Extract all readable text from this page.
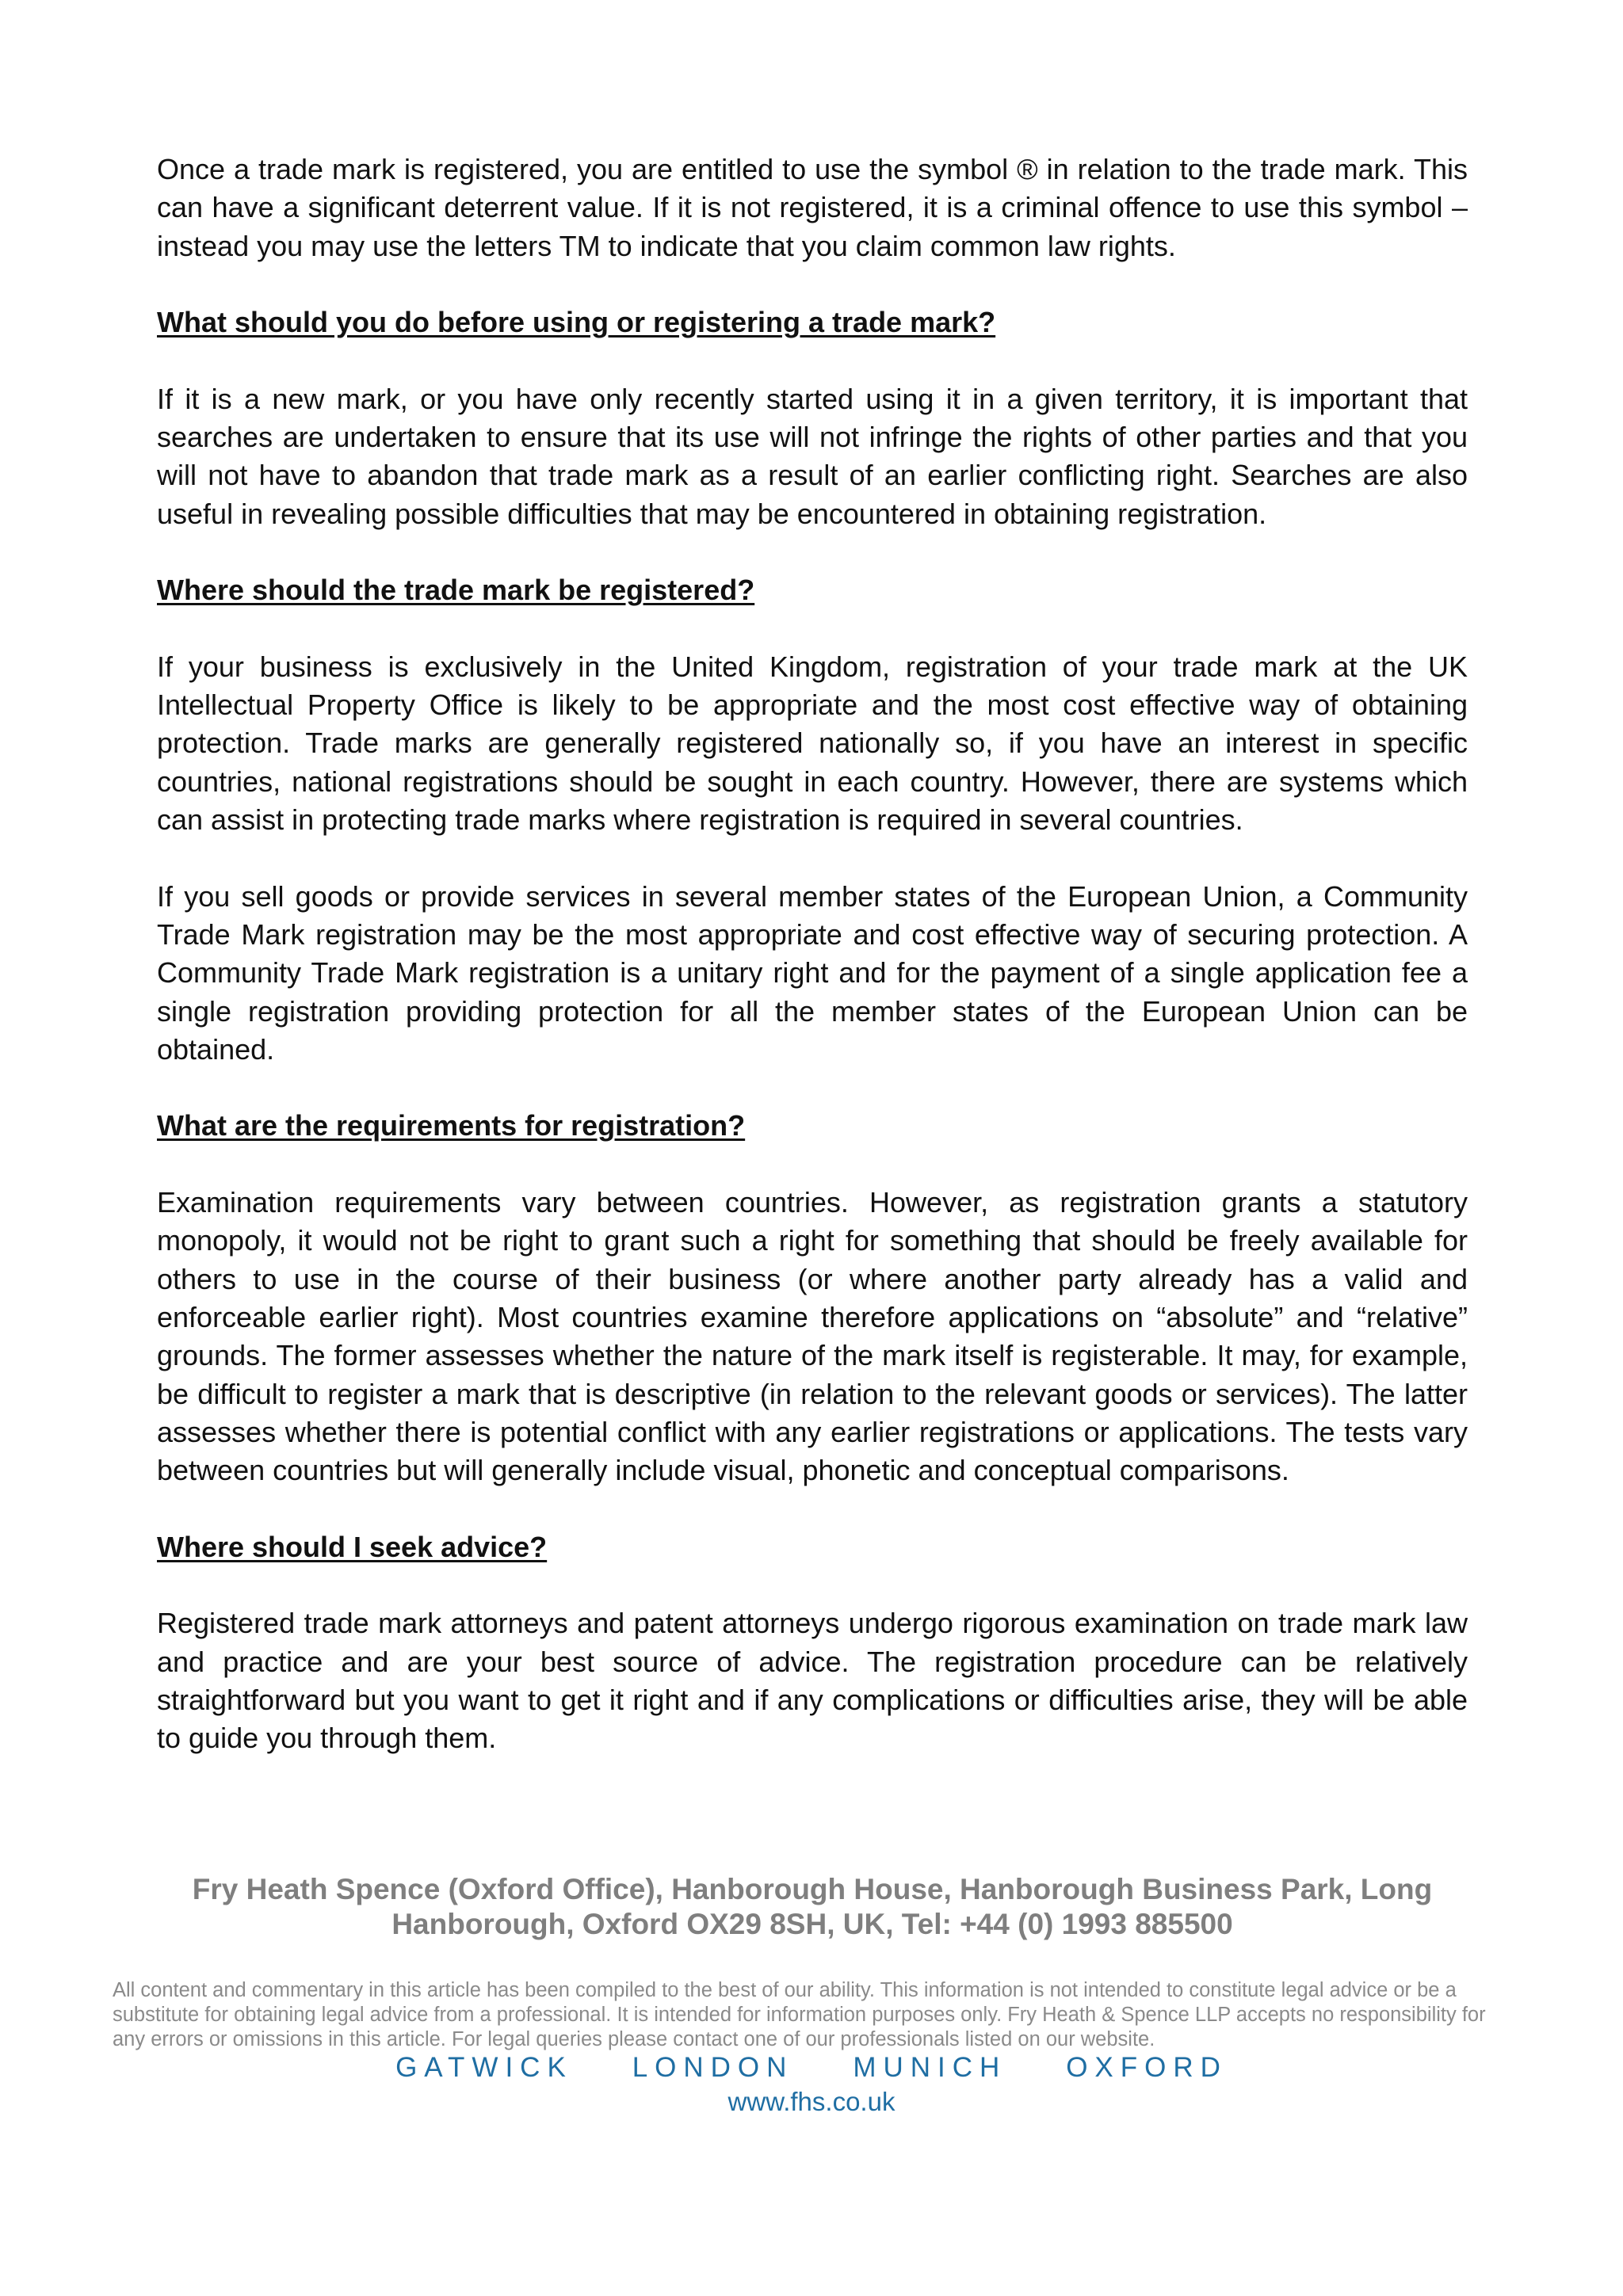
Once a trade mark is registered, you are entitled to use the symbol ® in relation to the trade mark. This can have a significant deterrent value. If it is not registered, it is a criminal offence to use this symbol – instead you may use the letters TM to indicate that you claim common law rights.

What should you do before using or registering a trade mark?

If it is a new mark, or you have only recently started using it in a given territory, it is important that searches are undertaken to ensure that its use will not infringe the rights of other parties and that you will not have to abandon that trade mark as a result of an earlier conflicting right. Searches are also useful in revealing possible difficulties that may be encountered in obtaining registration.

Where should the trade mark be registered?

If your business is exclusively in the United Kingdom, registration of your trade mark at the UK Intellectual Property Office is likely to be appropriate and the most cost effective way of obtaining protection. Trade marks are generally registered nationally so, if you have an interest in specific countries, national registrations should be sought in each country. However, there are systems which can assist in protecting trade marks where registration is required in several countries.

If you sell goods or provide services in several member states of the European Union, a Community Trade Mark registration may be the most appropriate and cost effective way of securing protection. A Community Trade Mark registration is a unitary right and for the payment of a single application fee a single registration providing protection for all the member states of the European Union can be obtained.

What are the requirements for registration?

Examination requirements vary between countries. However, as registration grants a statutory monopoly, it would not be right to grant such a right for something that should be freely available for others to use in the course of their business (or where another party already has a valid and enforceable earlier right). Most countries examine therefore applications on “absolute” and “relative” grounds. The former assesses whether the nature of the mark itself is registerable. It may, for example, be difficult to register a mark that is descriptive (in relation to the relevant goods or services). The latter assesses whether there is potential conflict with any earlier registrations or applications. The tests vary between countries but will generally include visual, phonetic and conceptual comparisons.

Where should I seek advice?

Registered trade mark attorneys and patent attorneys undergo rigorous examination on trade mark law and practice and are your best source of advice. The registration procedure can be relatively straightforward but you want to get it right and if any complications or difficulties arise, they will be able to guide you through them.

Fry Heath Spence (Oxford Office), Hanborough House, Hanborough Business Park, Long Hanborough, Oxford OX29 8SH, UK, Tel: +44 (0) 1993 885500
All content and commentary in this article has been compiled to the best of our ability. This information is not intended to constitute legal advice or be a substitute for obtaining legal advice from a professional. It is intended for information purposes only. Fry Heath & Spence LLP accepts no responsibility for any errors or omissions in this article. For legal queries please contact one of our professionals listed on our website.
GATWICK    LONDON    MUNICH    OXFORD
www.fhs.co.uk
